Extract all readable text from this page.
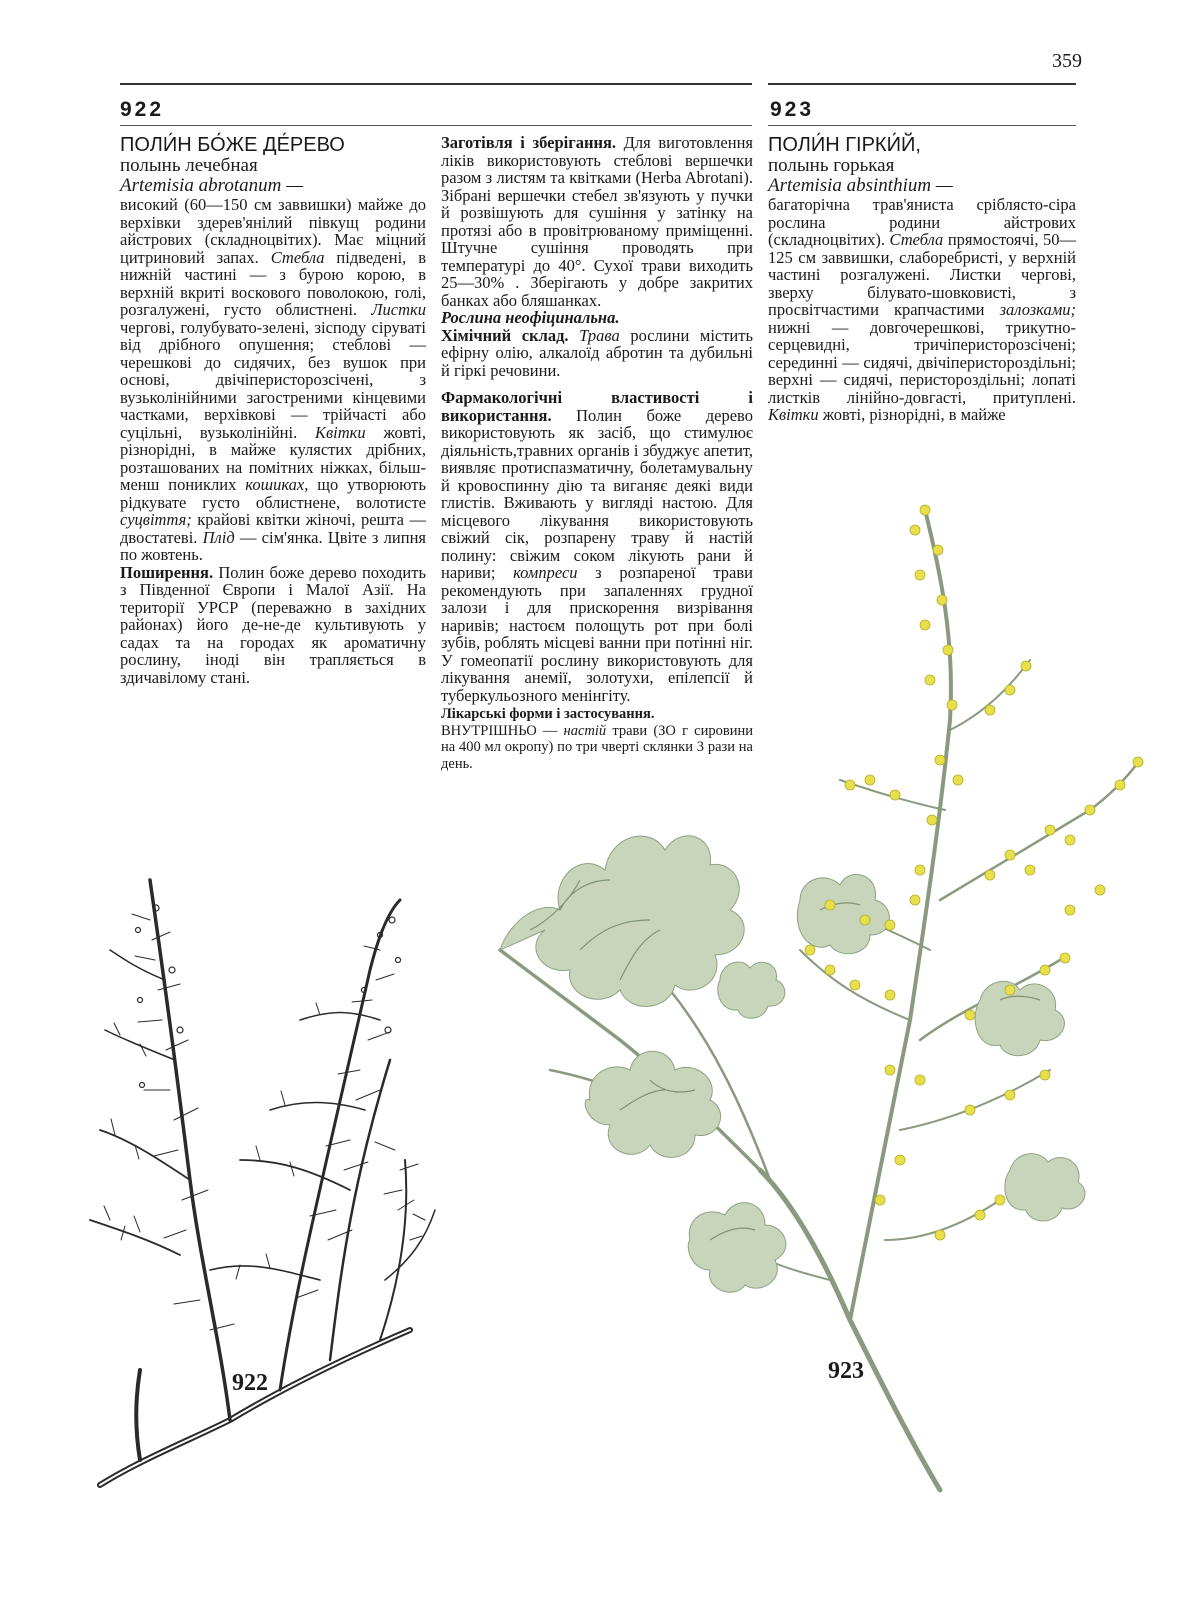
359
922	923

ПОЛИ́Н БО́ЖЕ ДЕ́РЕВО

полынь лечебная

Artemisia abrotanum —

високий (60—150 см заввишки) майже до верхівки здерев'янілий півкущ родини айстрових (складноцвітих). Має міцний цитриновий запах. Стебла підведені, в нижній частині — з бурою корою, в верхній вкриті воскового поволокою, голі, розгалужені, густо облистнені. Листки чергові, голубувато-зелені, зісподу сіруваті від дрібного опушення; стеблові — черешкові до сидячих, без вушок при основі, двічіперисторозсічені, з вузьколінійними загостреними кінцевими частками, верхівкові — трійчасті або суцільні, вузьколінійні. Квітки жовті, різнорідні, в майже кулястих дрібних, розташованих на помітних ніжках, більш-менш пониклих кошиках, що утворюють рідкувате густо облистнене, волотисте суцвіття; крайові квітки жіночі, решта — двостатеві. Плід — сім'янка. Цвіте з липня по жовтень.

Поширення. Полин боже дерево походить з Південної Європи і Малої Азії. На території УРСР (переважно в західних районах) його де-не-де культивують у садах та на городах як ароматичну рослину, іноді він трапляється в здичавілому стані.

Заготівля і зберігання. Для виготовлення ліків використовують стеблові вершечки разом з листям та квітками (Herba Abrotani). Зібрані вершечки стебел зв'язують у пучки й розвішують для сушіння у затінку на протязі або в провітрюваному приміщенні. Штучне сушіння проводять при температурі до 40°. Сухої трави виходить 25—30% . Зберігають у добре закритих банках або бляшанках.

Рослина неофіцинальна.

Хімічний склад. Трава рослини містить ефірну олію, алкалоїд абротин та дубильні й гіркі речовини.

Фармакологічні властивості і використання. Полин боже дерево використовують як засіб, що стимулює діяльність,травних органів і збуджує апетит, виявляє протиспазматичну, болетамувальну й кровоспинну дію та виганяє деякі види глистів. Вживають у вигляді настою. Для місцевого лікування використовують свіжий сік, розпарену траву й настій полину: свіжим соком лікують рани й нариви; компреси з розпареної трави рекомендують при запаленнях грудної залози і для прискорення визрівання наривів; настоєм полощуть рот при болі зубів, роблять місцеві ванни при потінні ніг. У гомеопатії рослину використовують для лікування анемії, золотухи, епілепсії й туберкульозного менінгіту.

Лікарські форми і застосування.

ВНУТРІШНЬО — настій трави (ЗО г сировини на 400 мл окропу) по три чверті склянки 3 рази на день.

ПОЛИ́Н ГІРКИ́Й,

полынь горькая

Artemisia absinthium —

багаторічна трав'яниста сріблясто-сіра рослина родини айстрових (складноцвітих). Стебла прямостоячі, 50—125 см заввишки, слаборебристі, у верхній частині розгалужені. Листки чергові, зверху білувато-шовковисті, з просвітчастими крапчастими залозками; нижні — довгочерешкові, трикутно-серцевидні, тричіперисторозсічені; серединні — сидячі, двічіперисторoздільні; верхні — сидячі, перисторoздільні; лопаті листків лінійно-довгасті, притуплені. Квітки жовті, різнорідні, в майже

922	923
